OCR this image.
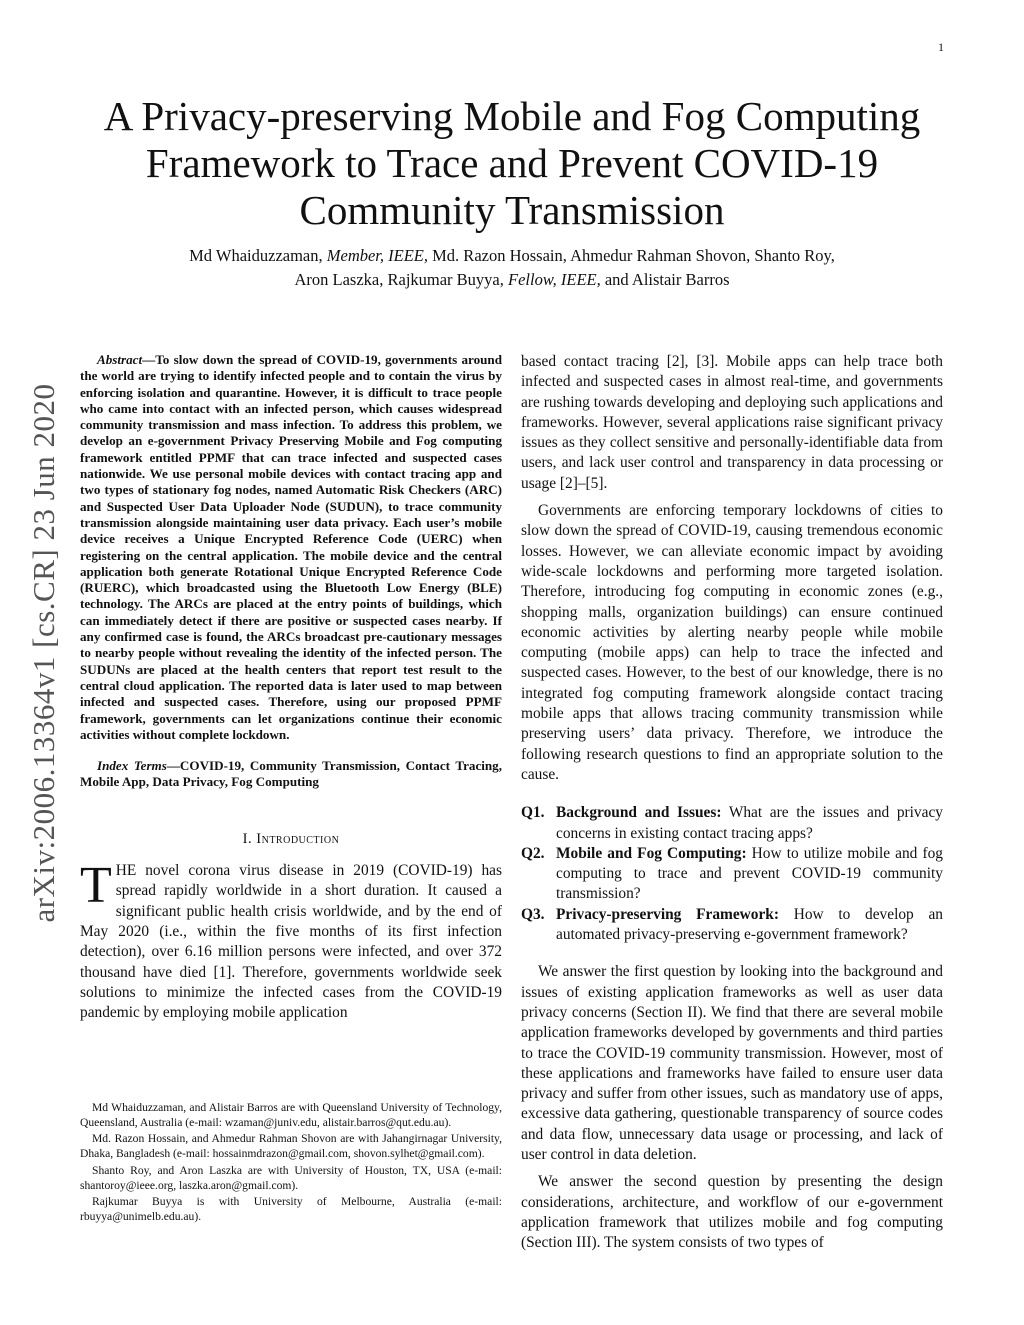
1
arXiv:2006.13364v1 [cs.CR] 23 Jun 2020
A Privacy-preserving Mobile and Fog Computing
Framework to Trace and Prevent COVID-19
Community Transmission
Md Whaiduzzaman, Member, IEEE, Md. Razon Hossain, Ahmedur Rahman Shovon, Shanto Roy,
Aron Laszka, Rajkumar Buyya, Fellow, IEEE, and Alistair Barros

Abstract—To slow down the spread of COVID-19, governments around the world are trying to identify infected people and to contain the virus by enforcing isolation and quarantine. However, it is difficult to trace people who came into contact with an infected person, which causes widespread community transmission and mass infection. To address this problem, we develop an e-government Privacy Preserving Mobile and Fog computing framework entitled PPMF that can trace infected and suspected cases nationwide. We use personal mobile devices with contact tracing app and two types of stationary fog nodes, named Automatic Risk Checkers (ARC) and Suspected User Data Uploader Node (SUDUN), to trace community transmission alongside maintaining user data privacy. Each user’s mobile device receives a Unique Encrypted Reference Code (UERC) when registering on the central application. The mobile device and the central application both generate Rotational Unique Encrypted Reference Code (RUERC), which broadcasted using the Bluetooth Low Energy (BLE) technology. The ARCs are placed at the entry points of buildings, which can immediately detect if there are positive or suspected cases nearby. If any confirmed case is found, the ARCs broadcast pre-cautionary messages to nearby people without revealing the identity of the infected person. The SUDUNs are placed at the health centers that report test result to the central cloud application. The reported data is later used to map between infected and suspected cases. Therefore, using our proposed PPMF framework, governments can let organizations continue their economic activities without complete lockdown.

Index Terms—COVID-19, Community Transmission, Contact Tracing, Mobile App, Data Privacy, Fog Computing

I. Introduction

THE novel corona virus disease in 2019 (COVID-19) has spread rapidly worldwide in a short duration. It caused a significant public health crisis worldwide, and by the end of May 2020 (i.e., within the five months of its first infection detection), over 6.16 million persons were infected, and over 372 thousand have died [1]. Therefore, governments worldwide seek solutions to minimize the infected cases from the COVID-19 pandemic by employing mobile application

Md Whaiduzzaman, and Alistair Barros are with Queensland University of Technology, Queensland, Australia (e-mail: wzaman@juniv.edu, alistair.barros@qut.edu.au).

Md. Razon Hossain, and Ahmedur Rahman Shovon are with Jahangirnagar University, Dhaka, Bangladesh (e-mail: hossainmdrazon@gmail.com, shovon.sylhet@gmail.com).

Shanto Roy, and Aron Laszka are with University of Houston, TX, USA (e-mail: shantoroy@ieee.org, laszka.aron@gmail.com).

Rajkumar Buyya is with University of Melbourne, Australia (e-mail: rbuyya@unimelb.edu.au).

based contact tracing [2], [3]. Mobile apps can help trace both infected and suspected cases in almost real-time, and governments are rushing towards developing and deploying such applications and frameworks. However, several applications raise significant privacy issues as they collect sensitive and personally-identifiable data from users, and lack user control and transparency in data processing or usage [2]–[5].

Governments are enforcing temporary lockdowns of cities to slow down the spread of COVID-19, causing tremendous economic losses. However, we can alleviate economic impact by avoiding wide-scale lockdowns and performing more targeted isolation. Therefore, introducing fog computing in economic zones (e.g., shopping malls, organization buildings) can ensure continued economic activities by alerting nearby people while mobile computing (mobile apps) can help to trace the infected and suspected cases. However, to the best of our knowledge, there is no integrated fog computing framework alongside contact tracing mobile apps that allows tracing community transmission while preserving users’ data privacy. Therefore, we introduce the following research questions to find an appropriate solution to the cause.

Q1. Background and Issues: What are the issues and privacy concerns in existing contact tracing apps?
Q2. Mobile and Fog Computing: How to utilize mobile and fog computing to trace and prevent COVID-19 community transmission?
Q3. Privacy-preserving Framework: How to develop an automated privacy-preserving e-government framework?

We answer the first question by looking into the background and issues of existing application frameworks as well as user data privacy concerns (Section II). We find that there are several mobile application frameworks developed by governments and third parties to trace the COVID-19 community transmission. However, most of these applications and frameworks have failed to ensure user data privacy and suffer from other issues, such as mandatory use of apps, excessive data gathering, questionable transparency of source codes and data flow, unnecessary data usage or processing, and lack of user control in data deletion.

We answer the second question by presenting the design considerations, architecture, and workflow of our e-government application framework that utilizes mobile and fog computing (Section III). The system consists of two types of
